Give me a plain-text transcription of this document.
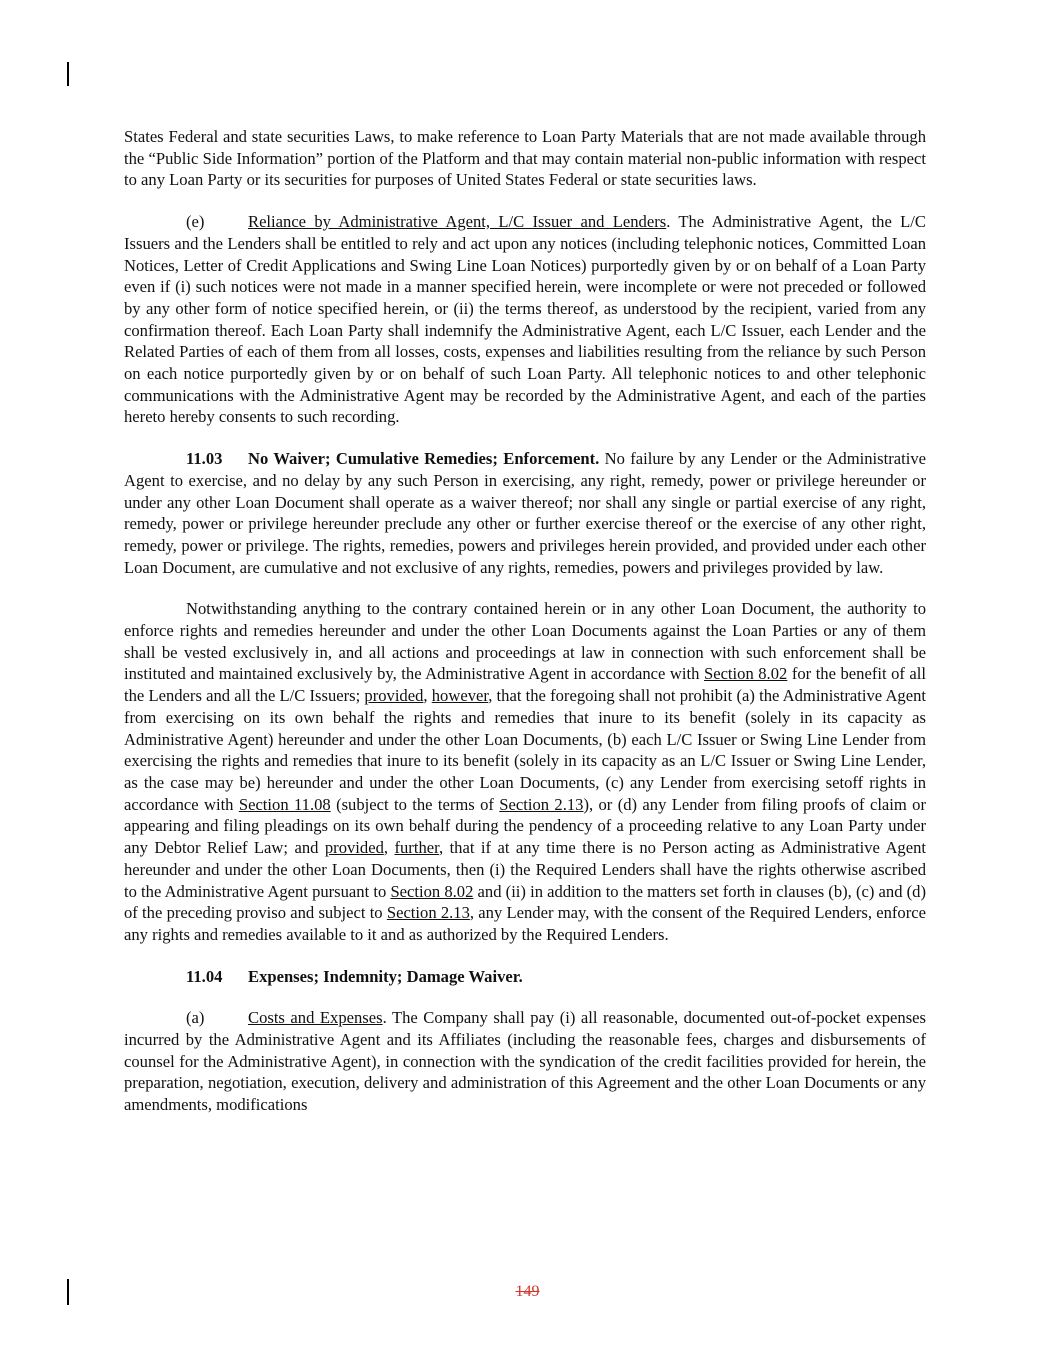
States Federal and state securities Laws, to make reference to Loan Party Materials that are not made available through the “Public Side Information” portion of the Platform and that may contain material non-public information with respect to any Loan Party or its securities for purposes of United States Federal or state securities laws.

(e)	Reliance by Administrative Agent, L/C Issuer and Lenders. The Administrative Agent, the L/C Issuers and the Lenders shall be entitled to rely and act upon any notices (including telephonic notices, Committed Loan Notices, Letter of Credit Applications and Swing Line Loan Notices) purportedly given by or on behalf of a Loan Party even if (i) such notices were not made in a manner specified herein, were incomplete or were not preceded or followed by any other form of notice specified herein, or (ii) the terms thereof, as understood by the recipient, varied from any confirmation thereof. Each Loan Party shall indemnify the Administrative Agent, each L/C Issuer, each Lender and the Related Parties of each of them from all losses, costs, expenses and liabilities resulting from the reliance by such Person on each notice purportedly given by or on behalf of such Loan Party. All telephonic notices to and other telephonic communications with the Administrative Agent may be recorded by the Administrative Agent, and each of the parties hereto hereby consents to such recording.

11.03 No Waiver; Cumulative Remedies; Enforcement. No failure by any Lender or the Administrative Agent to exercise, and no delay by any such Person in exercising, any right, remedy, power or privilege hereunder or under any other Loan Document shall operate as a waiver thereof; nor shall any single or partial exercise of any right, remedy, power or privilege hereunder preclude any other or further exercise thereof or the exercise of any other right, remedy, power or privilege. The rights, remedies, powers and privileges herein provided, and provided under each other Loan Document, are cumulative and not exclusive of any rights, remedies, powers and privileges provided by law.

Notwithstanding anything to the contrary contained herein or in any other Loan Document, the authority to enforce rights and remedies hereunder and under the other Loan Documents against the Loan Parties or any of them shall be vested exclusively in, and all actions and proceedings at law in connection with such enforcement shall be instituted and maintained exclusively by, the Administrative Agent in accordance with Section 8.02 for the benefit of all the Lenders and all the L/C Issuers; provided, however, that the foregoing shall not prohibit (a) the Administrative Agent from exercising on its own behalf the rights and remedies that inure to its benefit (solely in its capacity as Administrative Agent) hereunder and under the other Loan Documents, (b) each L/C Issuer or Swing Line Lender from exercising the rights and remedies that inure to its benefit (solely in its capacity as an L/C Issuer or Swing Line Lender, as the case may be) hereunder and under the other Loan Documents, (c) any Lender from exercising setoff rights in accordance with Section 11.08 (subject to the terms of Section 2.13), or (d) any Lender from filing proofs of claim or appearing and filing pleadings on its own behalf during the pendency of a proceeding relative to any Loan Party under any Debtor Relief Law; and provided, further, that if at any time there is no Person acting as Administrative Agent hereunder and under the other Loan Documents, then (i) the Required Lenders shall have the rights otherwise ascribed to the Administrative Agent pursuant to Section 8.02 and (ii) in addition to the matters set forth in clauses (b), (c) and (d) of the preceding proviso and subject to Section 2.13, any Lender may, with the consent of the Required Lenders, enforce any rights and remedies available to it and as authorized by the Required Lenders.

11.04 Expenses; Indemnity; Damage Waiver.

(a)	Costs and Expenses. The Company shall pay (i) all reasonable, documented out-of-pocket expenses incurred by the Administrative Agent and its Affiliates (including the reasonable fees, charges and disbursements of counsel for the Administrative Agent), in connection with the syndication of the credit facilities provided for herein, the preparation, negotiation, execution, delivery and administration of this Agreement and the other Loan Documents or any amendments, modifications

149
